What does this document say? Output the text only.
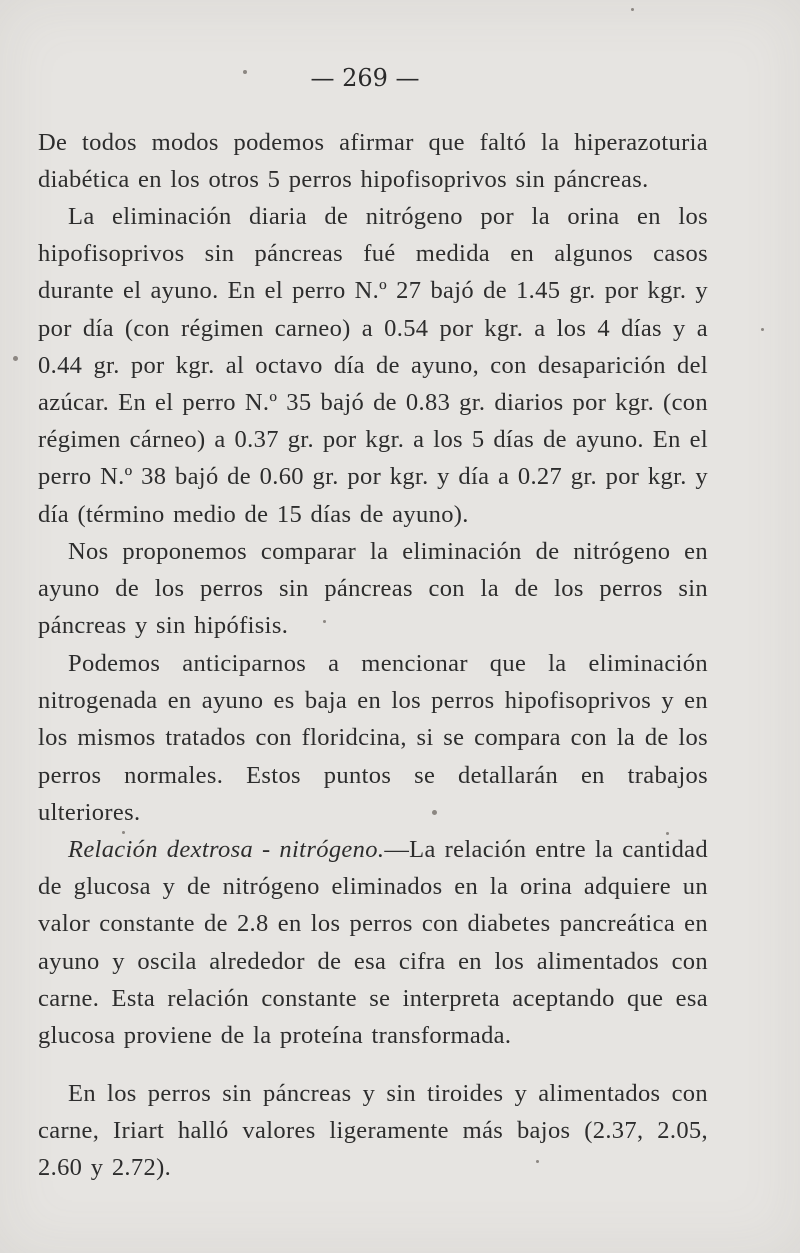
— 269 —
De todos modos podemos afirmar que faltó la hiperazoturia diabética en los otros 5 perros hipofisoprivos sin páncreas.
La eliminación diaria de nitrógeno por la orina en los hipofisoprivos sin páncreas fué medida en algunos casos durante el ayuno. En el perro N.º 27 bajó de 1.45 gr. por kgr. y por día (con régimen carneo) a 0.54 por kgr. a los 4 días y a 0.44 gr. por kgr. al octavo día de ayuno, con desaparición del azúcar. En el perro N.º 35 bajó de 0.83 gr. diarios por kgr. (con régimen cárneo) a 0.37 gr. por kgr. a los 5 días de ayuno. En el perro N.º 38 bajó de 0.60 gr. por kgr. y día a 0.27 gr. por kgr. y día (término medio de 15 días de ayuno).
Nos proponemos comparar la eliminación de nitrógeno en ayuno de los perros sin páncreas con la de los perros sin páncreas y sin hipófisis.
Podemos anticiparnos a mencionar que la eliminación nitrogenada en ayuno es baja en los perros hipofisoprivos y en los mismos tratados con floridcina, si se compara con la de los perros normales. Estos puntos se detallarán en trabajos ulteriores.
Relación dextrosa - nitrógeno.—La relación entre la cantidad de glucosa y de nitrógeno eliminados en la orina adquiere un valor constante de 2.8 en los perros con diabetes pancreática en ayuno y oscila alrededor de esa cifra en los alimentados con carne. Esta relación constante se interpreta aceptando que esa glucosa proviene de la proteína transformada.
En los perros sin páncreas y sin tiroides y alimentados con carne, Iriart halló valores ligeramente más bajos (2.37, 2.05, 2.60 y 2.72).
